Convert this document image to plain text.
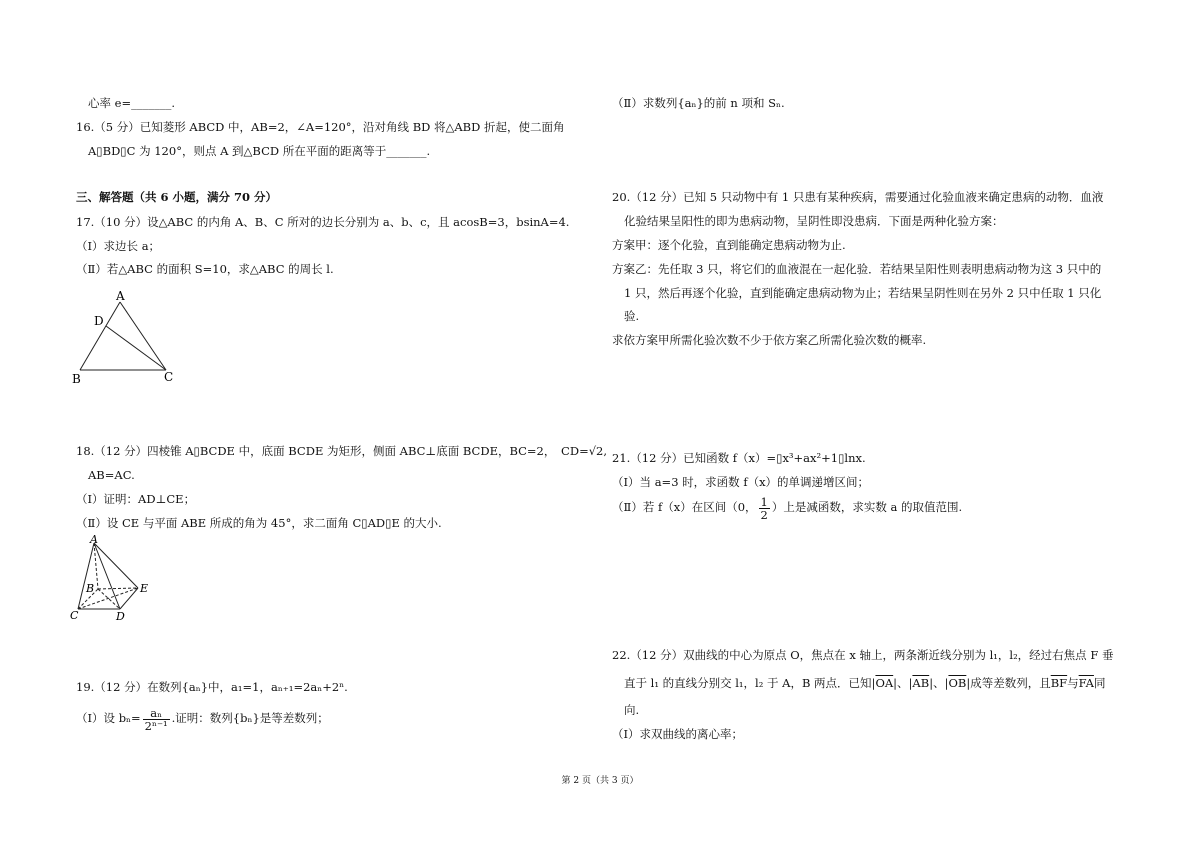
心率 e=_______.
16.（5 分）已知菱形 ABCD 中，AB=2，∠A=120°，沿对角线 BD 将△ABD 折起，使二面角
A▯BD▯C 为 120°，则点 A 到△BCD 所在平面的距离等于_______.
三、解答题（共 6 小题，满分 70 分）
17.（10 分）设△ABC 的内角 A、B、C 所对的边长分别为 a、b、c，且 acosB=3，bsinA=4.
（Ⅰ）求边长 a；
（Ⅱ）若△ABC 的面积 S=10，求△ABC 的周长 l.
A
D
B	C
18.（12 分）四棱锥 A▯BCDE 中，底面 BCDE 为矩形，侧面 ABC⊥底面 BCDE，BC=2， CD=√2,
AB=AC.
（Ⅰ）证明：AD⊥CE；
（Ⅱ）设 CE 与平面 ABE 所成的角为 45°，求二面角 C▯AD▯E 的大小.
A
B	E
C	D
19.（12 分）在数列{aₙ}中，a₁=1，aₙ₊₁=2aₙ+2ⁿ.
（Ⅰ）设 $b_n= \frac{\text{aₙ}}{\text{2ⁿ⁻¹}}$ .证明：数列{bₙ}是等差数列；
（Ⅱ）求数列{aₙ}的前 n 项和 Sₙ.
20.（12 分）已知 5 只动物中有 1 只患有某种疾病，需要通过化验血液来确定患病的动物．血液
化验结果呈阳性的即为患病动物，呈阴性即没患病．下面是两种化验方案：
方案甲：逐个化验，直到能确定患病动物为止.
方案乙：先任取 3 只，将它们的血液混在一起化验．若结果呈阳性则表明患病动物为这 3 只中的
1 只，然后再逐个化验，直到能确定患病动物为止；若结果呈阴性则在另外 2 只中任取 1 只化
验.
求依方案甲所需化验次数不少于依方案乙所需化验次数的概率.
21.（12 分）已知函数 f（x）=▯x³+ax²+1▯lnx.
（Ⅰ）当 a=3 时，求函数 f（x）的单调递增区间；
（Ⅱ）若 f（x）在区间（0， $\frac{1}{2}$ ）上是减函数，求实数 a 的取值范围.
22.（12 分）双曲线的中心为原点 O，焦点在 x 轴上，两条渐近线分别为 l₁，l₂，经过右焦点 F 垂
直于 l₁ 的直线分别交 l₁，l₂ 于 A，B 两点．已知$|\overline{OA}|$、$|\overline{AB}|$、$|\overline{OB}|$成等差数列，且$\overline{BF}$与$\overline{FA}$同
向.
（Ⅰ）求双曲线的离心率；
第 2 页（共 3 页）
